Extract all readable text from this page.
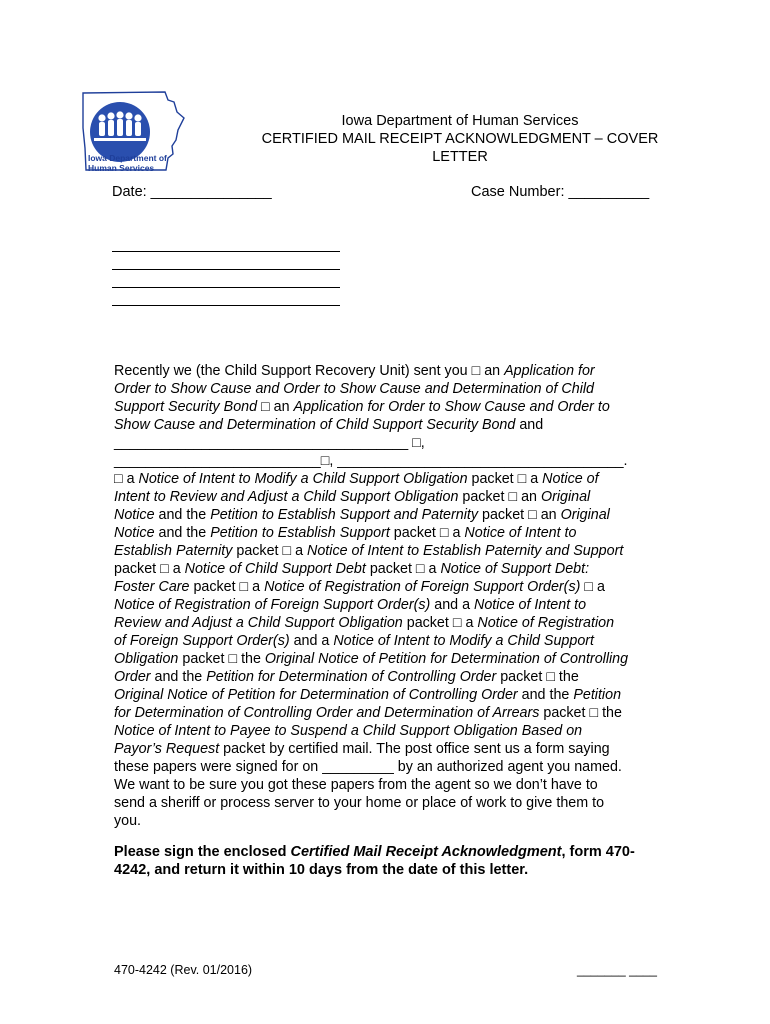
Iowa Department of Human Services
Iowa Department of Human Services
CERTIFIED MAIL RECEIPT ACKNOWLEDGMENT – COVER
LETTER
Date: _______________	Case Number: __________

Recently we (the Child Support Recovery Unit) sent you □ an Application for

Order to Show Cause and Order to Show Cause and Determination of Child

Support Security Bond □ an Application for Order to Show Cause and Order to

Show Cause and Determination of Child Support Security Bond and

_____________________________________ □,

__________________________□, ____________________________________.

□ a Notice of Intent to Modify a Child Support Obligation packet □ a Notice of

Intent to Review and Adjust a Child Support Obligation packet □ an Original

Notice and the Petition to Establish Support and Paternity packet □ an Original

Notice and the Petition to Establish Support packet □ a Notice of Intent to

Establish Paternity packet □ a Notice of Intent to Establish Paternity and Support

packet □ a Notice of Child Support Debt packet □ a Notice of Support Debt:

Foster Care packet □ a Notice of Registration of Foreign Support Order(s) □ a

Notice of Registration of Foreign Support Order(s) and a Notice of Intent to

Review and Adjust a Child Support Obligation packet □ a Notice of Registration

of Foreign Support Order(s) and a Notice of Intent to Modify a Child Support

Obligation packet □ the Original Notice of Petition for Determination of Controlling

Order and the Petition for Determination of Controlling Order packet □ the

Original Notice of Petition for Determination of Controlling Order and the Petition

for Determination of Controlling Order and Determination of Arrears packet □ the

Notice of Intent to Payee to Suspend a Child Support Obligation Based on

Payor’s Request packet by certified mail. The post office sent us a form saying

these papers were signed for on _________ by an authorized agent you named.

We want to be sure you got these papers from the agent so we don’t have to

send a sheriff or process server to your home or place of work to give them to

you.

Please sign the enclosed Certified Mail Receipt Acknowledgment, form 470-
4242, and return it within 10 days from the date of this letter.
470-4242 (Rev. 01/2016)	_______ ____
